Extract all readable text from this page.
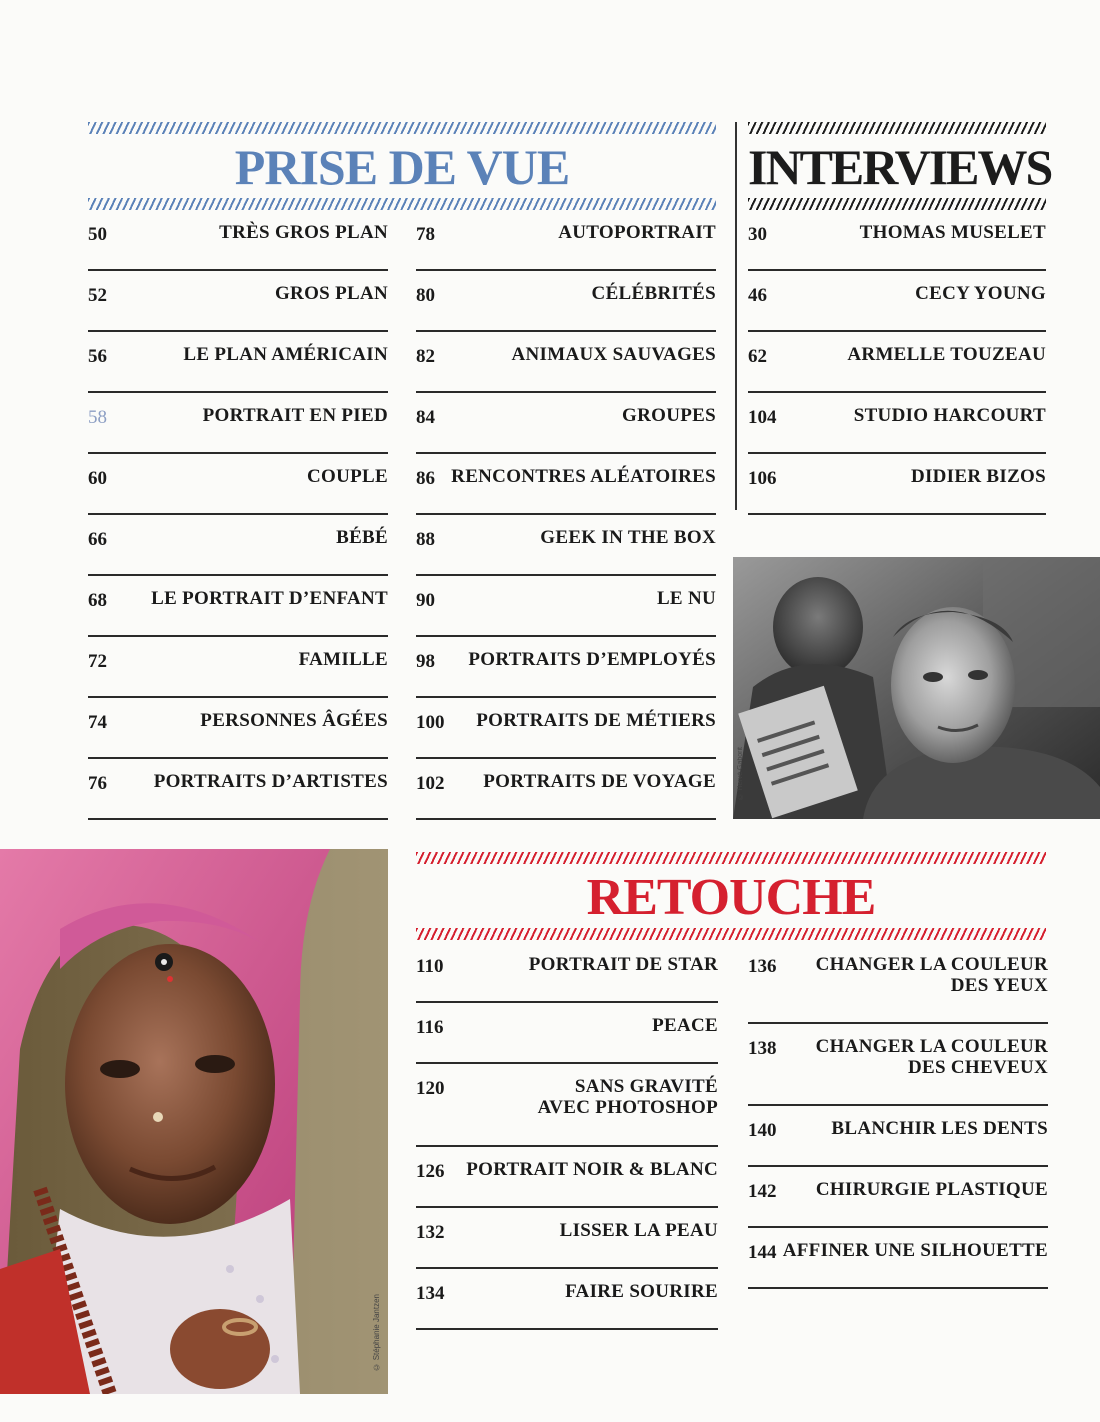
PRISE DE VUE	INTERVIEWS
50	TRÈS GROS PLAN
52	GROS PLAN
56	LE PLAN AMÉRICAIN
58	PORTRAIT EN PIED
60	COUPLE
66	BÉBÉ
68 LE PORTRAIT D’ENFANT
72	FAMILLE
74	PERSONNES ÂGÉES
76 PORTRAITS D’ARTISTES
78	AUTOPORTRAIT
80	CÉLÉBRITÉS
82	ANIMAUX SAUVAGES
84	GROUPES
86 RENCONTRES ALÉATOIRES
88	GEEK IN THE BOX
90	LE NU
98 PORTRAITS D’EMPLOYÉS
100 PORTRAITS DE MÉTIERS
102 PORTRAITS DE VOYAGE
30	THOMAS MUSELET
46	CECY YOUNG
62	ARMELLE TOUZEAU
104	STUDIO HARCOURT
106	DIDIER BIZOS
© Hervé Gaborit
© Stéphanie Jantzen
RETOUCHE
110	PORTRAIT DE STAR
116	PEACE
120	SANS GRAVITÉ AVEC PHOTOSHOP
126 PORTRAIT NOIR & BLANC
132	LISSER LA PEAU
134	FAIRE SOURIRE
136	CHANGER LA COULEUR DES YEUX
138	CHANGER LA COULEUR DES CHEVEUX
140	BLANCHIR LES DENTS
142 CHIRURGIE PLASTIQUE
144 AFFINER UNE SILHOUETTE
